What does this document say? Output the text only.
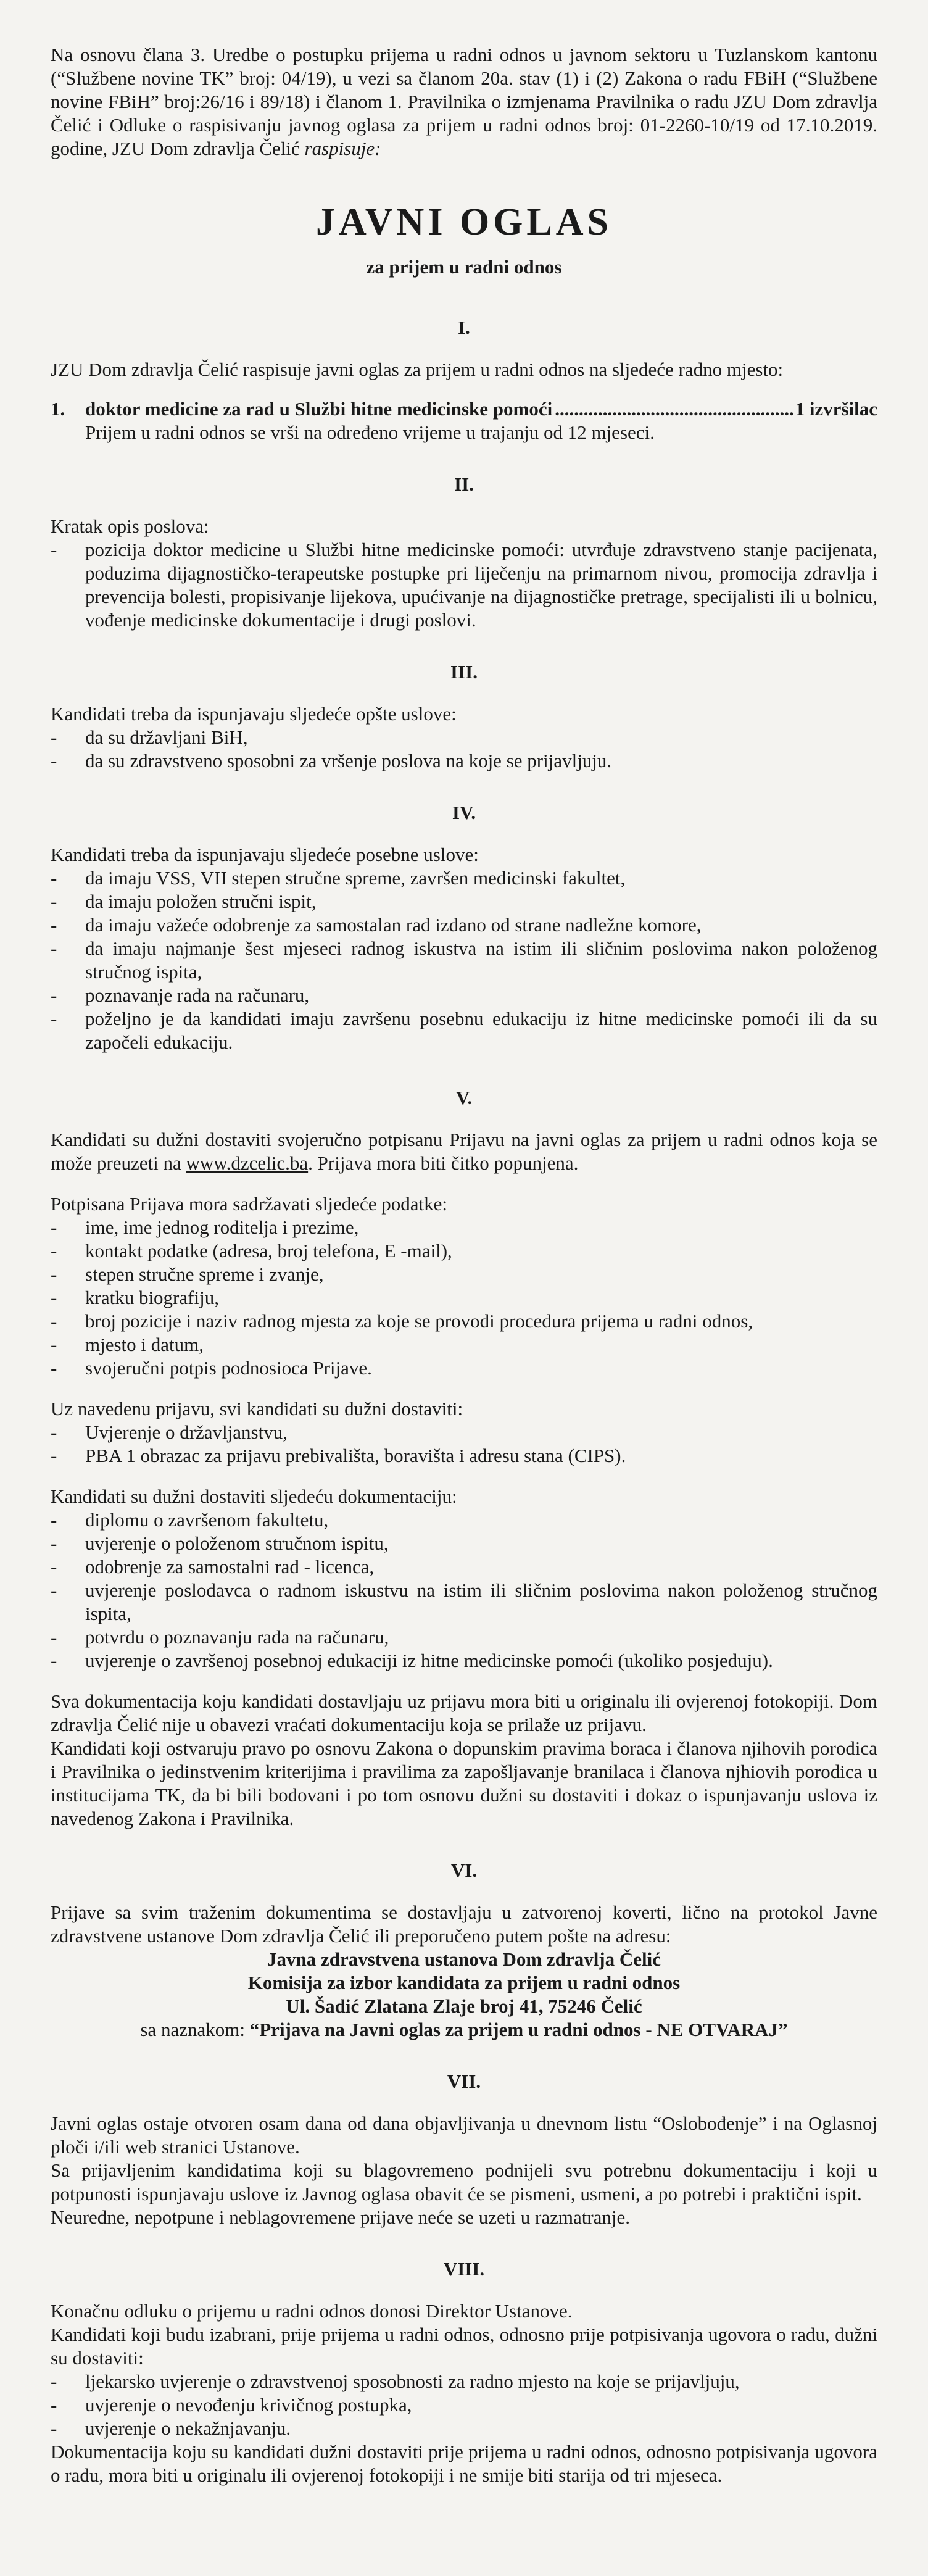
Na osnovu člana 3. Uredbe o postupku prijema u radni odnos u javnom sektoru u Tuzlanskom kantonu (“Službene novine TK” broj: 04/19), u vezi sa članom 20a. stav (1) i (2) Zakona o radu FBiH (“Službene novine FBiH” broj:26/16 i 89/18) i članom 1. Pravilnika o izmjenama Pravilnika o radu JZU Dom zdravlja Čelić i Odluke o raspisivanju javnog oglasa za prijem u radni odnos broj: 01-2260-10/19 od 17.10.2019. godine, JZU Dom zdravlja Čelić raspisuje:

JAVNI OGLAS
za prijem u radni odnos
I.

JZU Dom zdravlja Čelić raspisuje javni oglas za prijem u radni odnos na sljedeće radno mjesto:

1.	doktor medicine za rad u Službi hitne medicinske pomoći
.....	1 izvršilac

Prijem u radni odnos se vrši na određeno vrijeme u trajanju od 12 mjeseci.

II.

Kratak opis poslova:

- pozicija doktor medicine u Službi hitne medicinske pomoći: utvrđuje zdravstveno stanje pacijenata, poduzima dijagnostičko-terapeutske postupke pri liječenju na primarnom nivou, promocija zdravlja i prevencija bolesti, propisivanje lijekova, upućivanje na dijagnostičke pretrage, specijalisti ili u bolnicu, vođenje medicinske dokumentacije i drugi poslovi.
III.

Kandidati treba da ispunjavaju sljedeće opšte uslove:

- da su državljani BiH,
- da su zdravstveno sposobni za vršenje poslova na koje se prijavljuju.
IV.

Kandidati treba da ispunjavaju sljedeće posebne uslove:

- da imaju VSS, VII stepen stručne spreme, završen medicinski fakultet,
- da imaju položen stručni ispit,
- da imaju važeće odobrenje za samostalan rad izdano od strane nadležne komore,
- da imaju najmanje šest mjeseci radnog iskustva na istim ili sličnim poslovima nakon položenog stručnog ispita,
- poznavanje rada na računaru,
- poželjno je da kandidati imaju završenu posebnu edukaciju iz hitne medicinske pomoći ili da su započeli edukaciju.
V.

Kandidati su dužni dostaviti svojeručno potpisanu Prijavu na javni oglas za prijem u radni odnos koja se može preuzeti na www.dzcelic.ba. Prijava mora biti čitko popunjena.

Potpisana Prijava mora sadržavati sljedeće podatke:

- ime, ime jednog roditelja i prezime,
- kontakt podatke (adresa, broj telefona, E -mail),
- stepen stručne spreme i zvanje,
- kratku biografiju,
- broj pozicije i naziv radnog mjesta za koje se provodi procedura prijema u radni odnos,
- mjesto i datum,
- svojeručni potpis podnosioca Prijave.

Uz navedenu prijavu, svi kandidati su dužni dostaviti:

- Uvjerenje o državljanstvu,
- PBA 1 obrazac za prijavu prebivališta, boravišta i adresu stana (CIPS).

Kandidati su dužni dostaviti sljedeću dokumentaciju:

- diplomu o završenom fakultetu,
- uvjerenje o položenom stručnom ispitu,
- odobrenje za samostalni rad - licenca,
- uvjerenje poslodavca o radnom iskustvu na istim ili sličnim poslovima nakon položenog stručnog ispita,
- potvrdu o poznavanju rada na računaru,
- uvjerenje o završenoj posebnoj edukaciji iz hitne medicinske pomoći (ukoliko posjeduju).

Sva dokumentacija koju kandidati dostavljaju uz prijavu mora biti u originalu ili ovjerenoj fotokopiji. Dom zdravlja Čelić nije u obavezi vraćati dokumentaciju koja se prilaže uz prijavu.

Kandidati koji ostvaruju pravo po osnovu Zakona o dopunskim pravima boraca i članova njihovih porodica i Pravilnika o jedinstvenim kriterijima i pravilima za zapošljavanje branilaca i članova njhiovih porodica u institucijama TK, da bi bili bodovani i po tom osnovu dužni su dostaviti i dokaz o ispunjavanju uslova iz navedenog Zakona i Pravilnika.

VI.

Prijave sa svim traženim dokumentima se dostavljaju u zatvorenoj koverti, lično na protokol Javne zdravstvene ustanove Dom zdravlja Čelić ili preporučeno putem pošte na adresu:

Javna zdravstvena ustanova Dom zdravlja Čelić

Komisija za izbor kandidata za prijem u radni odnos

Ul. Šadić Zlatana Zlaje broj 41, 75246 Čelić

sa naznakom: “Prijava na Javni oglas za prijem u radni odnos - NE OTVARAJ”

VII.

Javni oglas ostaje otvoren osam dana od dana objavljivanja u dnevnom listu “Oslobođenje” i na Oglasnoj ploči i/ili web stranici Ustanove.

Sa prijavljenim kandidatima koji su blagovremeno podnijeli svu potrebnu dokumentaciju i koji u potpunosti ispunjavaju uslove iz Javnog oglasa obavit će se pismeni, usmeni, a po potrebi i praktični ispit.

Neuredne, nepotpune i neblagovremene prijave neće se uzeti u razmatranje.

VIII.

Konačnu odluku o prijemu u radni odnos donosi Direktor Ustanove.

Kandidati koji budu izabrani, prije prijema u radni odnos, odnosno prije potpisivanja ugovora o radu, dužni su dostaviti:

- ljekarsko uvjerenje o zdravstvenoj sposobnosti za radno mjesto na koje se prijavljuju,
- uvjerenje o nevođenju krivičnog postupka,
- uvjerenje o nekažnjavanju.

Dokumentacija koju su kandidati dužni dostaviti prije prijema u radni odnos, odnosno potpisivanja ugovora o radu, mora biti u originalu ili ovjerenoj fotokopiji i ne smije biti starija od tri mjeseca.
